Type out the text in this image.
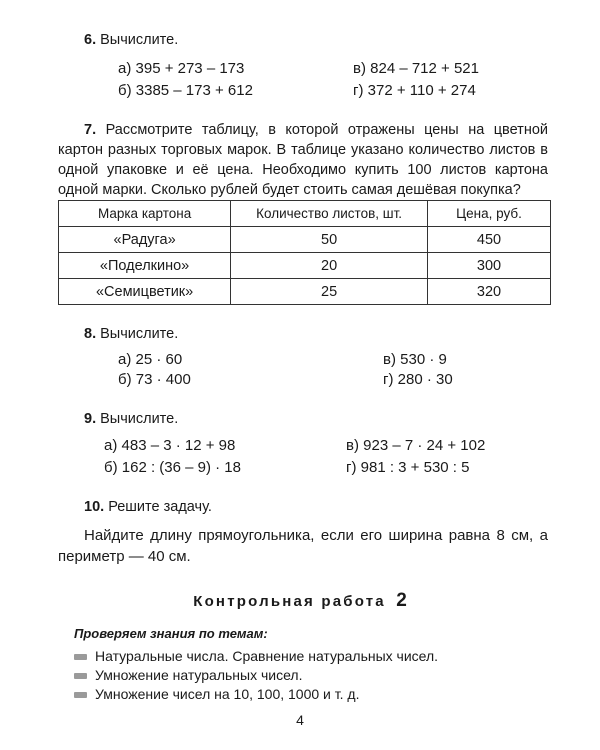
6. Вычислите.
а) 395 + 273 – 173
б) 3385 – 173 + 612
в) 824 – 712 + 521
г) 372 + 110 + 274
7. Рассмотрите таблицу, в которой отражены цены на цветной картон разных торговых марок. В таблице указано количество листов в одной упаковке и её цена. Необходимо купить 100 листов картона одной марки. Сколько рублей будет стоить самая дешёвая покупка?
Марка картона	Количество листов, шт.	Цена, руб.
«Радуга»	50	450
«Поделкино»	20	300
«Семицветик»	25	320
8. Вычислите.
а) 25 · 60
б) 73 · 400
в) 530 · 9
г) 280 · 30
9. Вычислите.
а) 483 – 3 · 12 + 98
б) 162 : (36 – 9) · 18
в) 923 – 7 · 24 + 102
г) 981 : 3 + 530 : 5
10. Решите задачу.
Найдите длину прямоугольника, если его ширина равна 8 см, а периметр — 40 см.
Контрольная работа 2
Проверяем знания по темам:
Натуральные числа. Сравнение натуральных чисел.
Умножение натуральных чисел.
Умножение чисел на 10, 100, 1000 и т. д.
4
